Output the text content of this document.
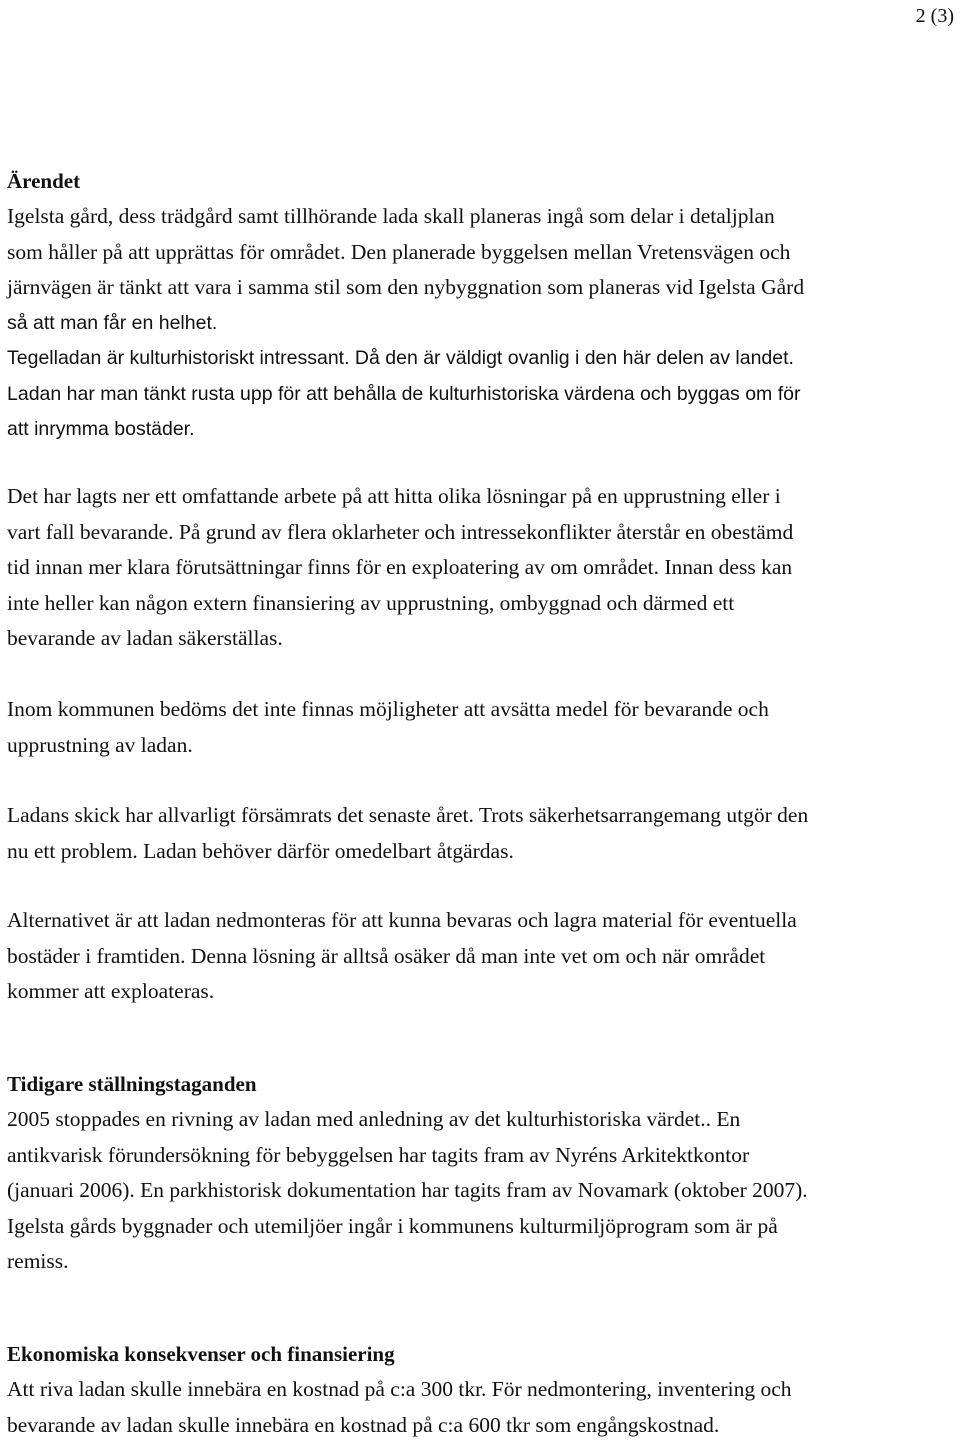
2 (3)
Ärendet

Igelsta gård, dess trädgård samt tillhörande lada skall planeras ingå som delar i detaljplan
som håller på att upprättas för området. Den planerade byggelsen mellan Vretensvägen och
järnvägen är tänkt att vara i samma stil som den nybyggnation som planeras vid Igelsta Gård
så att man får en helhet.
Tegelladan är kulturhistoriskt intressant. Då den är väldigt ovanlig i den här delen av landet.
Ladan har man tänkt rusta upp för att behålla de kulturhistoriska värdena och byggas om för
att inrymma bostäder.

Det har lagts ner ett omfattande arbete på att hitta olika lösningar på en upprustning eller i
vart fall bevarande. På grund av flera oklarheter och intressekonflikter återstår en obestämd
tid innan mer klara förutsättningar finns för en exploatering av om området. Innan dess kan
inte heller kan någon extern finansiering av upprustning, ombyggnad och därmed ett
bevarande av ladan säkerställas.

Inom kommunen bedöms det inte finnas möjligheter att avsätta medel för bevarande och
upprustning av ladan.

Ladans skick har allvarligt försämrats det senaste året. Trots säkerhetsarrangemang utgör den
nu ett problem. Ladan behöver därför omedelbart åtgärdas.

Alternativet är att ladan nedmonteras för att kunna bevaras och lagra material för eventuella
bostäder i framtiden. Denna lösning är alltså osäker då man inte vet om och när området
kommer att exploateras.

Tidigare ställningstaganden

2005 stoppades en rivning av ladan med anledning av det kulturhistoriska värdet.. En
antikvarisk förundersökning för bebyggelsen har tagits fram av Nyréns Arkitektkontor
(januari 2006). En parkhistorisk dokumentation har tagits fram av Novamark (oktober 2007).
Igelsta gårds byggnader och utemiljöer ingår i kommunens kulturmiljöprogram som är på
remiss.

Ekonomiska konsekvenser och finansiering

Att riva ladan skulle innebära en kostnad på c:a 300 tkr. För nedmontering, inventering och
bevarande av ladan skulle innebära en kostnad på c:a 600 tkr som engångskostnad.
